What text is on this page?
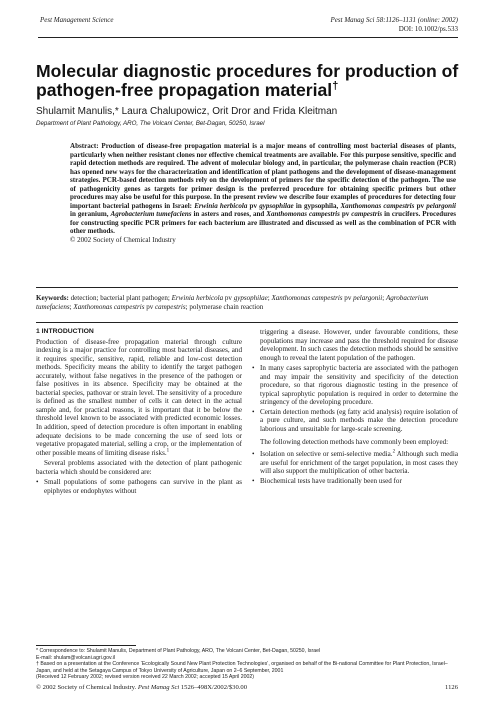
Pest Management Science	Pest Manag Sci 58:1126–1131 (online: 2002)
DOI: 10.1002/ps.533
Molecular diagnostic procedures for production of pathogen-free propagation material†
Shulamit Manulis,* Laura Chalupowicz, Orit Dror and Frida Kleitman
Department of Plant Pathology, ARO, The Volcani Center, Bet-Dagan, 50250, Israel
Abstract: Production of disease-free propagation material is a major means of controlling most bacterial diseases of plants, particularly when neither resistant clones nor effective chemical treatments are available. For this purpose sensitive, specific and rapid detection methods are required. The advent of molecular biology and, in particular, the polymerase chain reaction (PCR) has opened new ways for the characterization and identification of plant pathogens and the development of disease-management strategies. PCR-based detection methods rely on the development of primers for the specific detection of the pathogen. The use of pathogenicity genes as targets for primer design is the preferred procedure for obtaining specific primers but other procedures may also be useful for this purpose. In the present review we describe four examples of procedures for detecting four important bacterial pathogens in Israel: Erwinia herbicola pv gypsophilae in gypsophila, Xanthomonas campestris pv pelargonii in geranium, Agrobacterium tumefaciens in asters and roses, and Xanthomonas campestris pv campestris in crucifers. Procedures for constructing specific PCR primers for each bacterium are illustrated and discussed as well as the combination of PCR with other methods.
© 2002 Society of Chemical Industry
Keywords: detection; bacterial plant pathogen; Erwinia herbicola pv gypsophilae; Xanthomonas campestris pv pelargonii; Agrobacterium tumefaciens; Xanthomonas campestris pv campestris; polymerase chain reaction
1 INTRODUCTION

Production of disease-free propagation material through culture indexing is a major practice for controlling most bacterial diseases, and it requires specific, sensitive, rapid, reliable and low-cost detection methods. Specificity means the ability to identify the target pathogen accurately, without false negatives in the presence of the pathogen or false positives in its absence. Specificity may be obtained at the bacterial species, pathovar or strain level. The sensitivity of a procedure is defined as the smallest number of cells it can detect in the actual sample and, for practical reasons, it is important that it be below the threshold level known to be associated with predicted economic losses. In addition, speed of detection procedure is often important in enabling adequate decisions to be made concerning the use of seed lots or vegetative propagated material, selling a crop, or the implementation of other possible means of limiting disease risks.$^1$

Several problems associated with the detection of plant pathogenic bacteria which should be considered are:

• Small populations of some pathogens can survive in the plant as epiphytes or endophytes without

triggering a disease. However, under favourable conditions, these populations may increase and pass the threshold required for disease development. In such cases the detection methods should be sensitive enough to reveal the latent population of the pathogen.

• In many cases saprophytic bacteria are associated with the pathogen and may impair the sensitivity and specificity of the detection procedure, so that rigorous diagnostic testing in the presence of typical saprophytic population is required in order to determine the stringency of the developing procedure.
• Certain detection methods (eg fatty acid analysis) require isolation of a pure culture, and such methods make the detection procedure laborious and unsuitable for large-scale screening.

The following detection methods have commonly been employed:

• Isolation on selective or semi-selective media.$^2$ Although such media are useful for enrichment of the target population, in most cases they will also support the multiplication of other bacteria.
• Biochemical tests have traditionally been used for
* Correspondence to: Shulamit Manulis, Department of Plant Pathology, ARO, The Volcani Center, Bet-Dagan, 50250, Israel
E-mail: shulam@volcani.agri.gov.il
† Based on a presentation at the Conference ‘Ecologically Sound New Plant Protection Technologies’, organised on behalf of the Bi-national Committee for Plant Protection, Israel–Japan, and held at the Setagaya Campus of Tokyo University of Agriculture, Japan on 2–6 September, 2001
(Received 12 February 2002; revised version received 22 March 2002; accepted 15 April 2002)
© 2002 Society of Chemical Industry. Pest Manag Sci 1526–498X/2002/$30.00	1126
